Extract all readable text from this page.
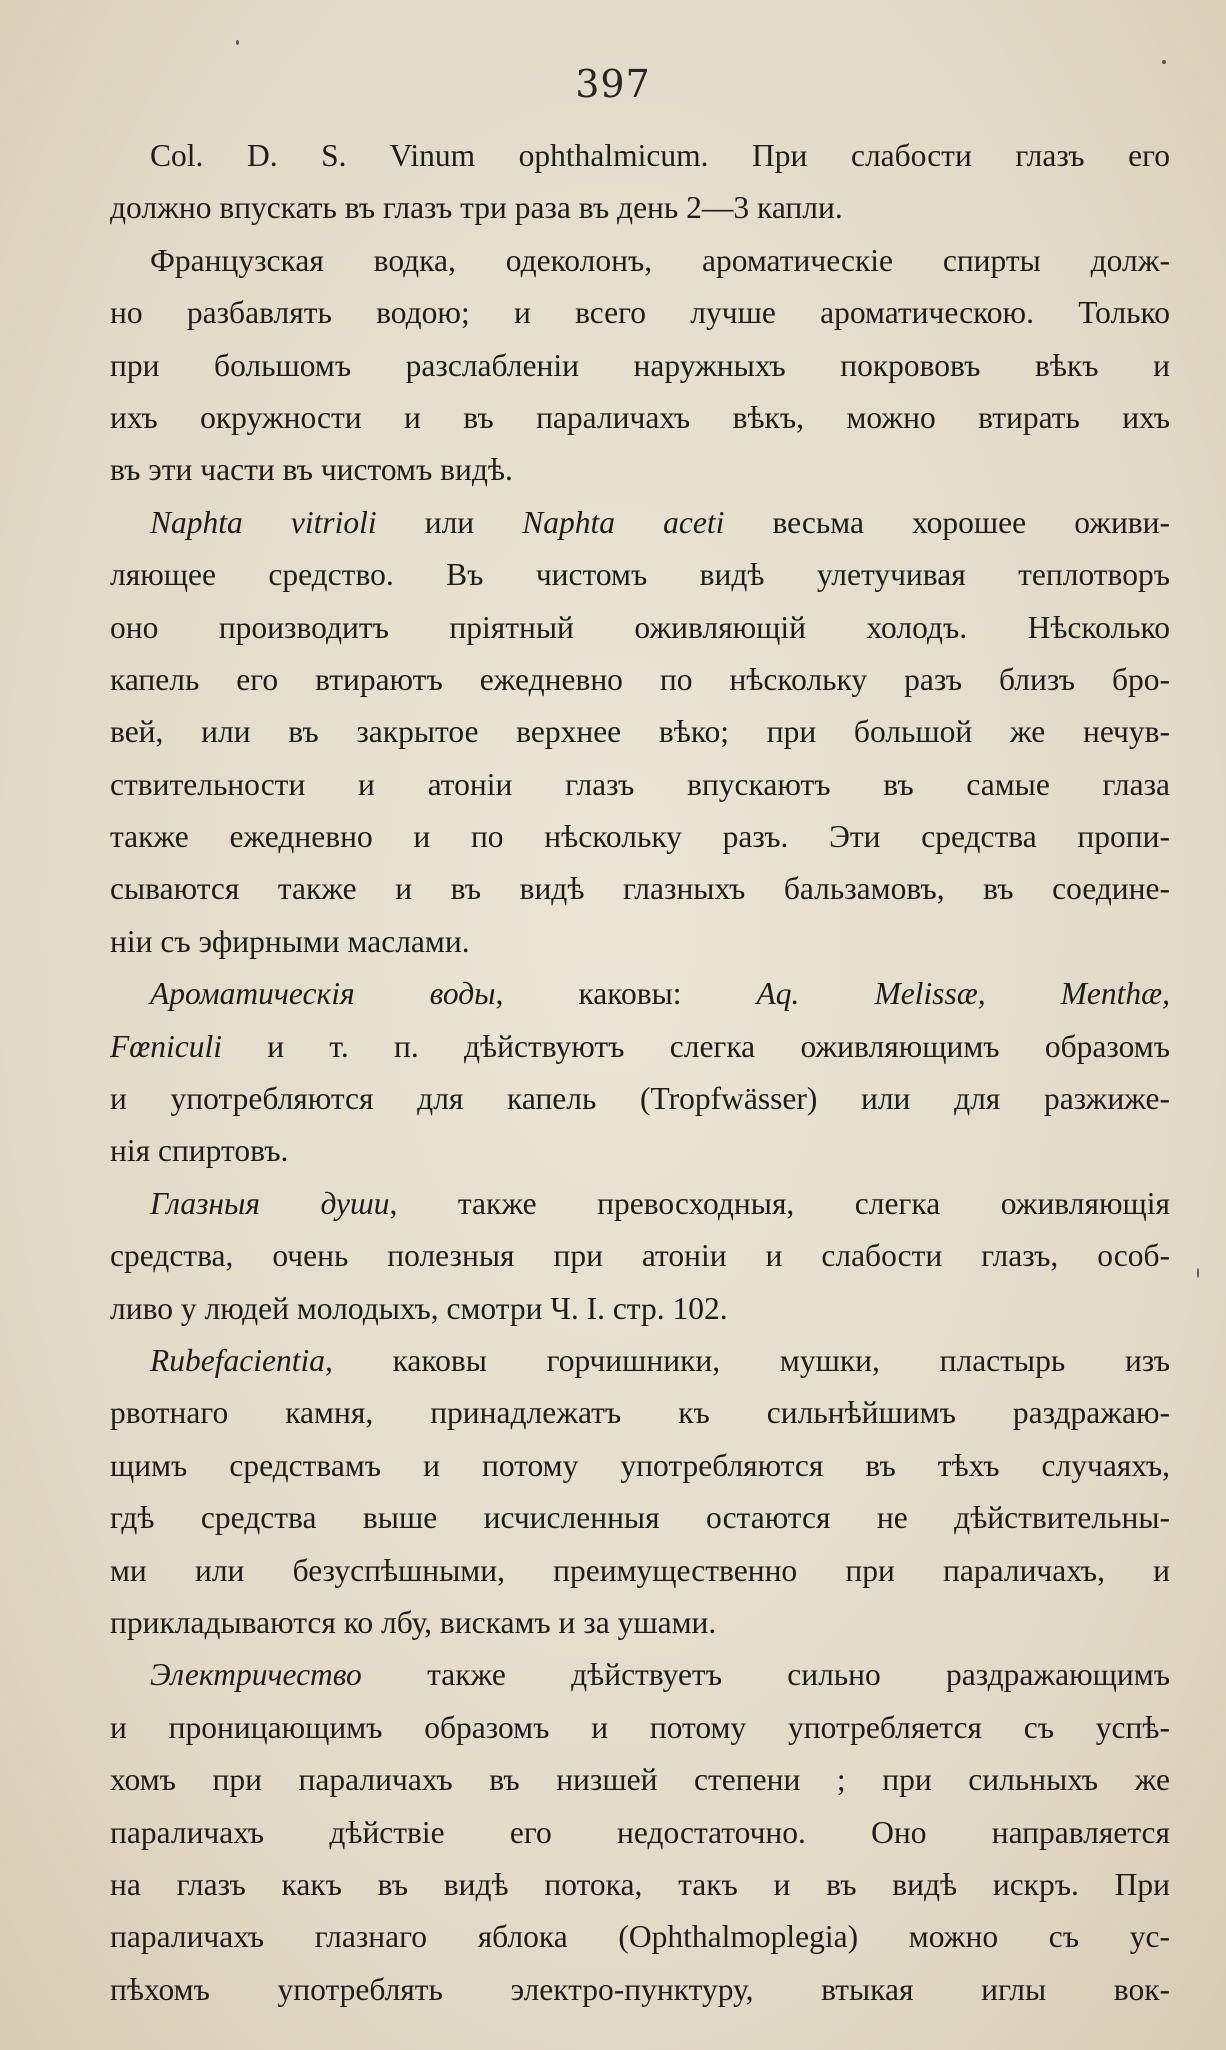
397
Col. D. S. Vinum ophthalmicum. При слабости глазъ его
должно впускать въ глазъ три раза въ день 2—3 капли.
Французская водка, одеколонъ, ароматическіе спирты долж-
но разбавлять водою; и всего лучше ароматическою. Только
при большомъ разслабленіи наружныхъ покрововъ вѣкъ и
ихъ окружности и въ параличахъ вѣкъ, можно втирать ихъ
въ эти части въ чистомъ видѣ.
Naphta vitrioli или Naphta aceti весьма хорошее оживи-
ляющее средство. Въ чистомъ видѣ улетучивая теплотворъ
оно производитъ пріятный оживляющій холодъ. Нѣсколько
капель его втираютъ ежедневно по нѣскольку разъ близъ бро-
вей, или въ закрытое верхнее вѣко; при большой же нечув-
ствительности и атоніи глазъ впускаютъ въ самые глаза
также ежедневно и по нѣскольку разъ. Эти средства пропи-
сываются также и въ видѣ глазныхъ бальзамовъ, въ соедине-
ніи съ эфирными маслами.
Ароматическія воды, каковы: Aq. Melissæ, Menthæ,
Fœniculi и т. п. дѣйствуютъ слегка оживляющимъ образомъ
и употребляются для капель (Tropfwässer) или для разжиже-
нія спиртовъ.
Глазныя души, также превосходныя, слегка оживляющія
средства, очень полезныя при атоніи и слабости глазъ, особ-
ливо у людей молодыхъ, смотри Ч. I. стр. 102.
Rubefacientia, каковы горчишники, мушки, пластырь изъ
рвотнаго камня, принадлежатъ къ сильнѣйшимъ раздражаю-
щимъ средствамъ и потому употребляются въ тѣхъ случаяхъ,
гдѣ средства выше исчисленныя остаются не дѣйствительны-
ми или безуспѣшными, преимущественно при параличахъ, и
прикладываются ко лбу, вискамъ и за ушами.
Электричество также дѣйствуетъ сильно раздражающимъ
и проницающимъ образомъ и потому употребляется съ успѣ-
хомъ при параличахъ въ низшей степени ; при сильныхъ же
параличахъ дѣйствіе его недостаточно. Оно направляется
на глазъ какъ въ видѣ потока, такъ и въ видѣ искръ. При
параличахъ глазнаго яблока (Ophthalmoplegia) можно съ ус-
пѣхомъ употреблять электро-пунктуру, втыкая иглы вок-
